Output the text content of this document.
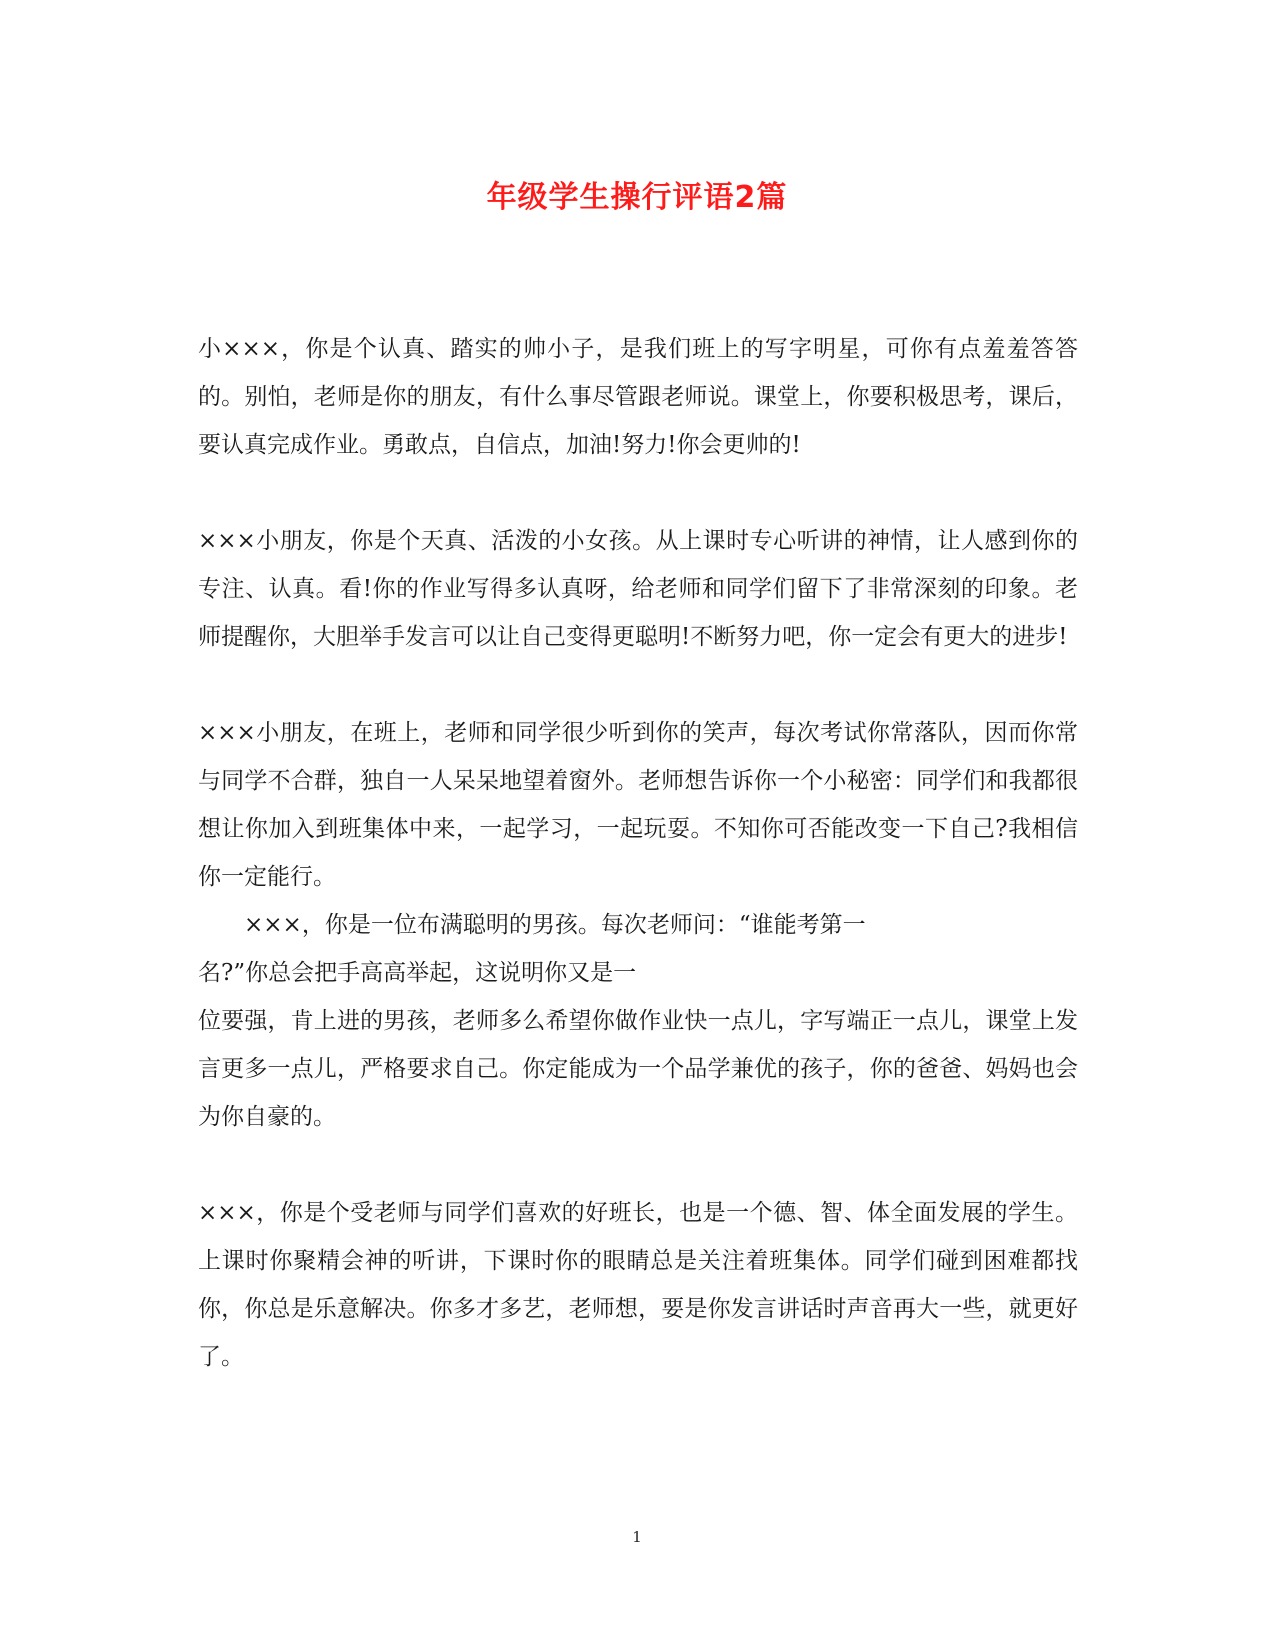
年级学生操行评语2篇

小×××，你是个认真、踏实的帅小子，是我们班上的写字明星，可你有点羞羞答答的。别怕，老师是你的朋友，有什么事尽管跟老师说。课堂上，你要积极思考，课后，要认真完成作业。勇敢点，自信点，加油!努力!你会更帅的!

×××小朋友，你是个天真、活泼的小女孩。从上课时专心听讲的神情，让人感到你的专注、认真。看!你的作业写得多认真呀，给老师和同学们留下了非常深刻的印象。老师提醒你，大胆举手发言可以让自己变得更聪明!不断努力吧，你一定会有更大的进步!

×××小朋友，在班上，老师和同学很少听到你的笑声，每次考试你常落队，因而你常与同学不合群，独自一人呆呆地望着窗外。老师想告诉你一个小秘密：同学们和我都很想让你加入到班集体中来，一起学习，一起玩耍。不知你可否能改变一下自己?我相信你一定能行。

×××，你是一位布满聪明的男孩。每次老师问：“谁能考第一

名?”你总会把手高高举起，这说明你又是一

位要强，肯上进的男孩，老师多么希望你做作业快一点儿，字写端正一点儿，课堂上发言更多一点儿，严格要求自己。你定能成为一个品学兼优的孩子，你的爸爸、妈妈也会为你自豪的。

×××，你是个受老师与同学们喜欢的好班长，也是一个德、智、体全面发展的学生。上课时你聚精会神的听讲，下课时你的眼睛总是关注着班集体。同学们碰到困难都找你，你总是乐意解决。你多才多艺，老师想，要是你发言讲话时声音再大一些，就更好了。

1
